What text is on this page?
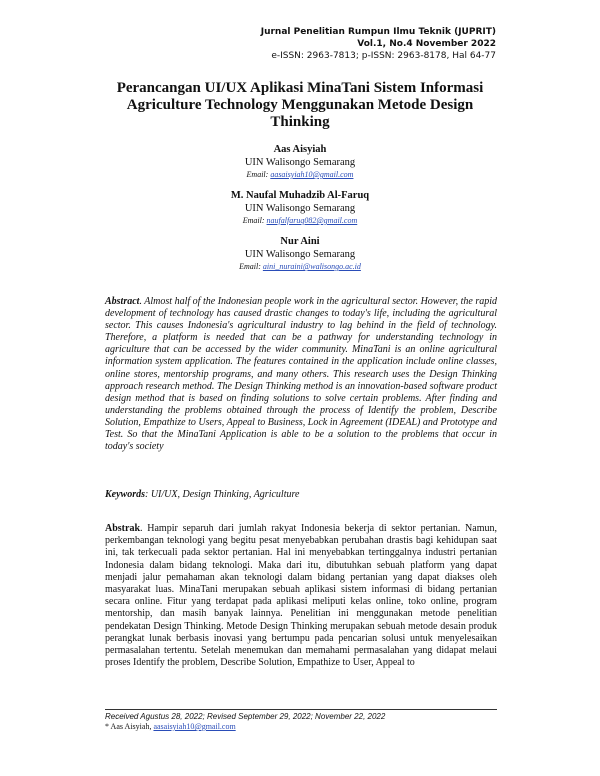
Jurnal Penelitian Rumpun Ilmu Teknik (JUPRIT)
Vol.1, No.4 November 2022
e-ISSN: 2963-7813; p-ISSN: 2963-8178, Hal 64-77
Perancangan UI/UX Aplikasi MinaTani Sistem Informasi
Agriculture Technology Menggunakan Metode Design
Thinking
Aas Aisyiah
UIN Walisongo Semarang
Email: aasaisyiah10@gmail.com
M. Naufal Muhadzib Al-Faruq
UIN Walisongo Semarang
Email: naufalfaruq082@gmail.com
Nur Aini
UIN Walisongo Semarang
Email: aini_nuraini@walisongo.ac.id
Abstract. Almost half of the Indonesian people work in the agricultural sector. However, the rapid development of technology has caused drastic changes to today's life, including the agricultural sector. This causes Indonesia's agricultural industry to lag behind in the field of technology. Therefore, a platform is needed that can be a pathway for understanding technology in agriculture that can be accessed by the wider community. MinaTani is an online agricultural information system application. The features contained in the application include online classes, online stores, mentorship programs, and many others. This research uses the Design Thinking approach research method. The Design Thinking method is an innovation-based software product design method that is based on finding solutions to solve certain problems. After finding and understanding the problems obtained through the process of Identify the problem, Describe Solution, Empathize to Users, Appeal to Business, Lock in Agreement (IDEAL) and Prototype and Test. So that the MinaTani Application is able to be a solution to the problems that occur in today's society
Keywords: UI/UX, Design Thinking, Agriculture
Abstrak. Hampir separuh dari jumlah rakyat Indonesia bekerja di sektor pertanian. Namun, perkembangan teknologi yang begitu pesat menyebabkan perubahan drastis bagi kehidupan saat ini, tak terkecuali pada sektor pertanian. Hal ini menyebabkan tertinggalnya industri pertanian Indonesia dalam bidang teknologi. Maka dari itu, dibutuhkan sebuah platform yang dapat menjadi jalur pemahaman akan teknologi dalam bidang pertanian yang dapat diakses oleh masyarakat luas. MinaTani merupakan sebuah aplikasi sistem informasi di bidang pertanian secara online. Fitur yang terdapat pada aplikasi meliputi kelas online, toko online, program mentorship, dan masih banyak lainnya. Penelitian ini menggunakan metode penelitian pendekatan Design Thinking. Metode Design Thinking merupakan sebuah metode desain produk perangkat lunak berbasis inovasi yang bertumpu pada pencarian solusi untuk menyelesaikan permasalahan tertentu. Setelah menemukan dan memahami permasalahan yang didapat melaui proses Identify the problem, Describe Solution, Empathize to User, Appeal to
Received Agustus 28, 2022; Revised September 29, 2022; November 22, 2022
* Aas Aisyiah, aasaisyiah10@gmail.com
